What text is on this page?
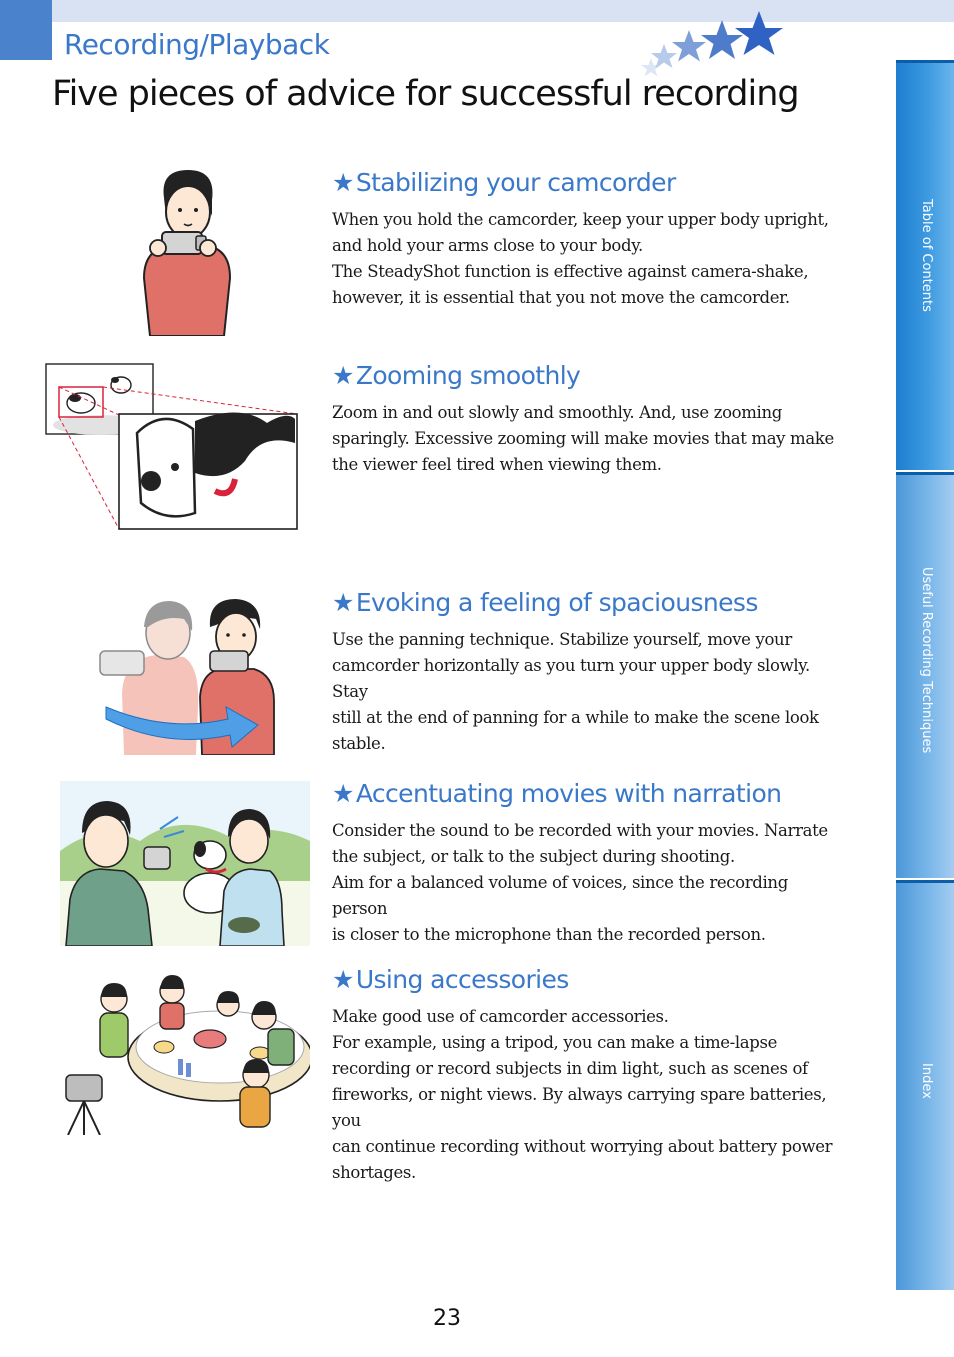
Recording/Playback
Five pieces of advice for successful recording
Table of Contents
Useful Recording Techniques
Index
★Stabilizing your camcorder

When you hold the camcorder, keep your upper body upright,
and hold your arms close to your body.
The SteadyShot function is effective against camera-shake,
however, it is essential that you not move the camcorder.

★Zooming smoothly

Zoom in and out slowly and smoothly. And, use zooming
sparingly. Excessive zooming will make movies that may make
the viewer feel tired when viewing them.

★Evoking a feeling of spaciousness

Use the panning technique. Stabilize yourself, move your
camcorder horizontally as you turn your upper body slowly. Stay
still at the end of panning for a while to make the scene look
stable.

★Accentuating movies with narration

Consider the sound to be recorded with your movies. Narrate
the subject, or talk to the subject during shooting.
Aim for a balanced volume of voices, since the recording person
is closer to the microphone than the recorded person.

★Using accessories

Make good use of camcorder accessories.
For example, using a tripod, you can make a time-lapse
recording or record subjects in dim light, such as scenes of
fireworks, or night views. By always carrying spare batteries, you
can continue recording without worrying about battery power
shortages.

23
